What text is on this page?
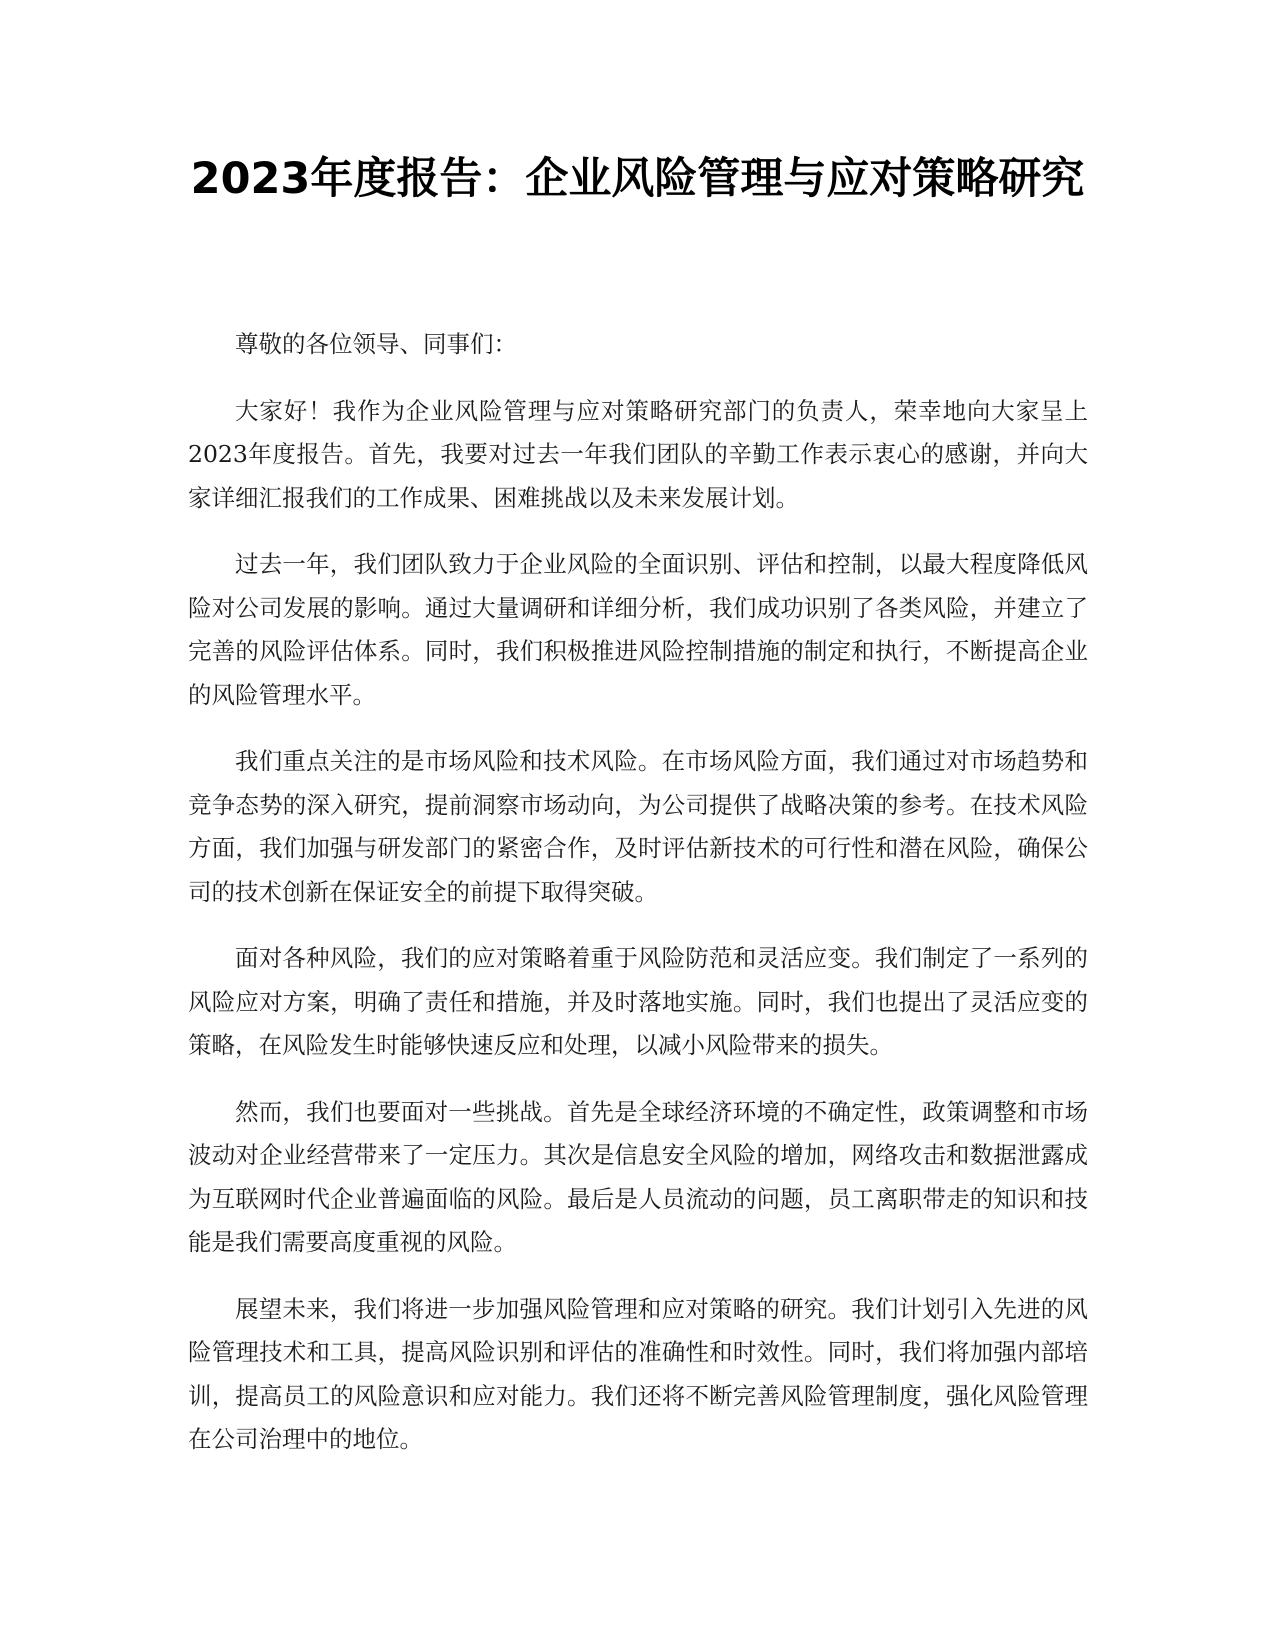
2023年度报告：企业风险管理与应对策略研究

尊敬的各位领导、同事们：

大家好！我作为企业风险管理与应对策略研究部门的负责人，荣幸地向大家呈上2023年度报告。首先，我要对过去一年我们团队的辛勤工作表示衷心的感谢，并向大家详细汇报我们的工作成果、困难挑战以及未来发展计划。

过去一年，我们团队致力于企业风险的全面识别、评估和控制，以最大程度降低风险对公司发展的影响。通过大量调研和详细分析，我们成功识别了各类风险，并建立了完善的风险评估体系。同时，我们积极推进风险控制措施的制定和执行，不断提高企业的风险管理水平。

我们重点关注的是市场风险和技术风险。在市场风险方面，我们通过对市场趋势和竞争态势的深入研究，提前洞察市场动向，为公司提供了战略决策的参考。在技术风险方面，我们加强与研发部门的紧密合作，及时评估新技术的可行性和潜在风险，确保公司的技术创新在保证安全的前提下取得突破。

面对各种风险，我们的应对策略着重于风险防范和灵活应变。我们制定了一系列的风险应对方案，明确了责任和措施，并及时落地实施。同时，我们也提出了灵活应变的策略，在风险发生时能够快速反应和处理，以减小风险带来的损失。

然而，我们也要面对一些挑战。首先是全球经济环境的不确定性，政策调整和市场波动对企业经营带来了一定压力。其次是信息安全风险的增加，网络攻击和数据泄露成为互联网时代企业普遍面临的风险。最后是人员流动的问题，员工离职带走的知识和技能是我们需要高度重视的风险。

展望未来，我们将进一步加强风险管理和应对策略的研究。我们计划引入先进的风险管理技术和工具，提高风险识别和评估的准确性和时效性。同时，我们将加强内部培训，提高员工的风险意识和应对能力。我们还将不断完善风险管理制度，强化风险管理在公司治理中的地位。
